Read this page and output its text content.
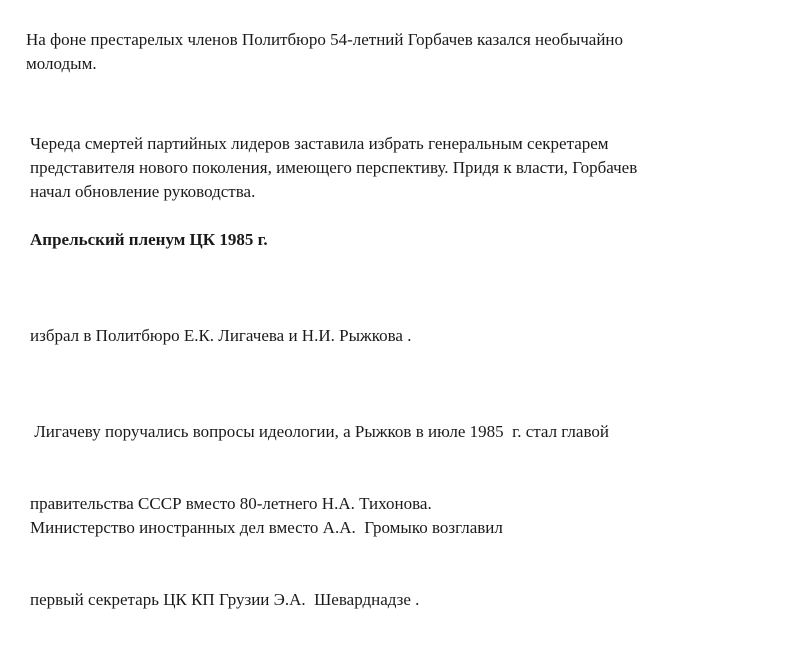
На фоне престарелых членов Политбюро 54-летний Горбачев казался необычайно
молодым.
Череда смертей партийных лидеров заставила избрать генеральным секретарем
представителя нового поколения, имеющего перспективу. Придя к власти, Горбачев
начал обновление руководства.
Апрельский пленум ЦК 1985 г.
избрал в Политбюро Е.К. Лигачева и Н.И. Рыжкова .

Лигачеву поручались вопросы идеологии, а Рыжков в июле 1985  г. стал главой

правительства СССР вместо 80-летнего Н.А. Тихонова.

Министерство иностранных дел вместо А.А.  Громыко возглавил

первый секретарь ЦК КП Грузии Э.А.  Шеварднадзе .
